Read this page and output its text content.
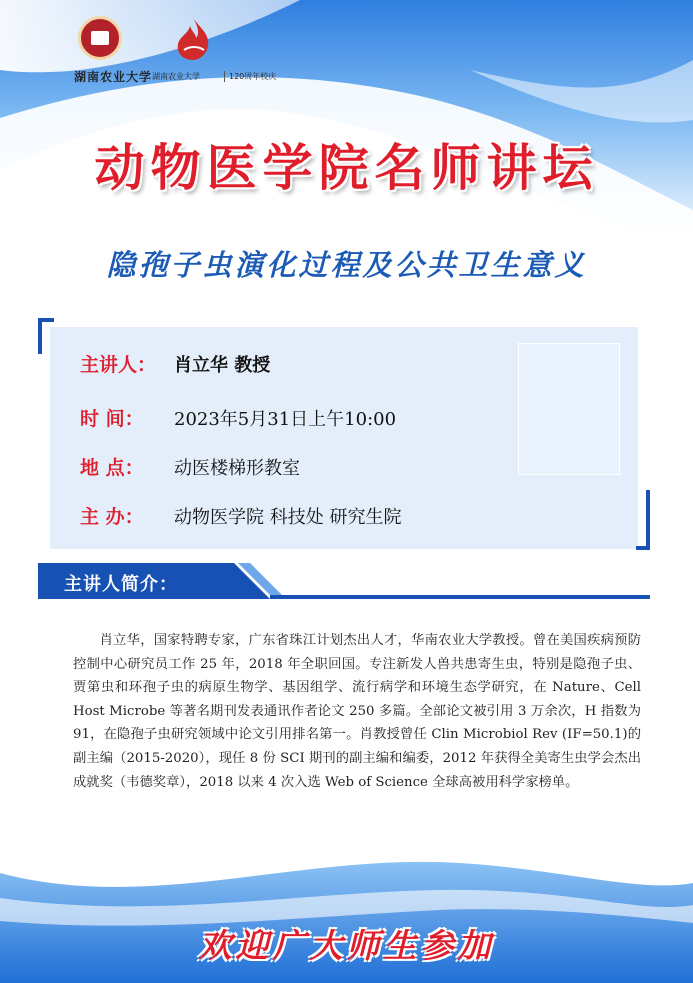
湖南农业大学 湖南农业大学	120周年校庆
动物医学院名师讲坛
隐孢子虫演化过程及公共卫生意义
主讲人： 肖立华 教授
时 间： 2023年5月31日上午10:00
地 点： 动医楼梯形教室
主 办： 动物医学院 科技处 研究生院
主讲人简介：

肖立华，国家特聘专家，广东省珠江计划杰出人才，华南农业大学教授。曾在美国疾病预防控制中心研究员工作 25 年，2018 年全职回国。专注新发人兽共患寄生虫，特别是隐孢子虫、贾第虫和环孢子虫的病原生物学、基因组学、流行病学和环境生态学研究，在 Nature、Cell Host Microbe 等著名期刊发表通讯作者论文 250 多篇。全部论文被引用 3 万余次，H 指数为 91，在隐孢子虫研究领域中论文引用排名第一。肖教授曾任 Clin Microbiol Rev (IF=50.1)的副主编（2015-2020），现任 8 份 SCI 期刊的副主编和编委，2012 年获得全美寄生虫学会杰出成就奖（韦德奖章），2018 以来 4 次入选 Web of Science 全球高被用科学家榜单。

欢迎广大师生参加
